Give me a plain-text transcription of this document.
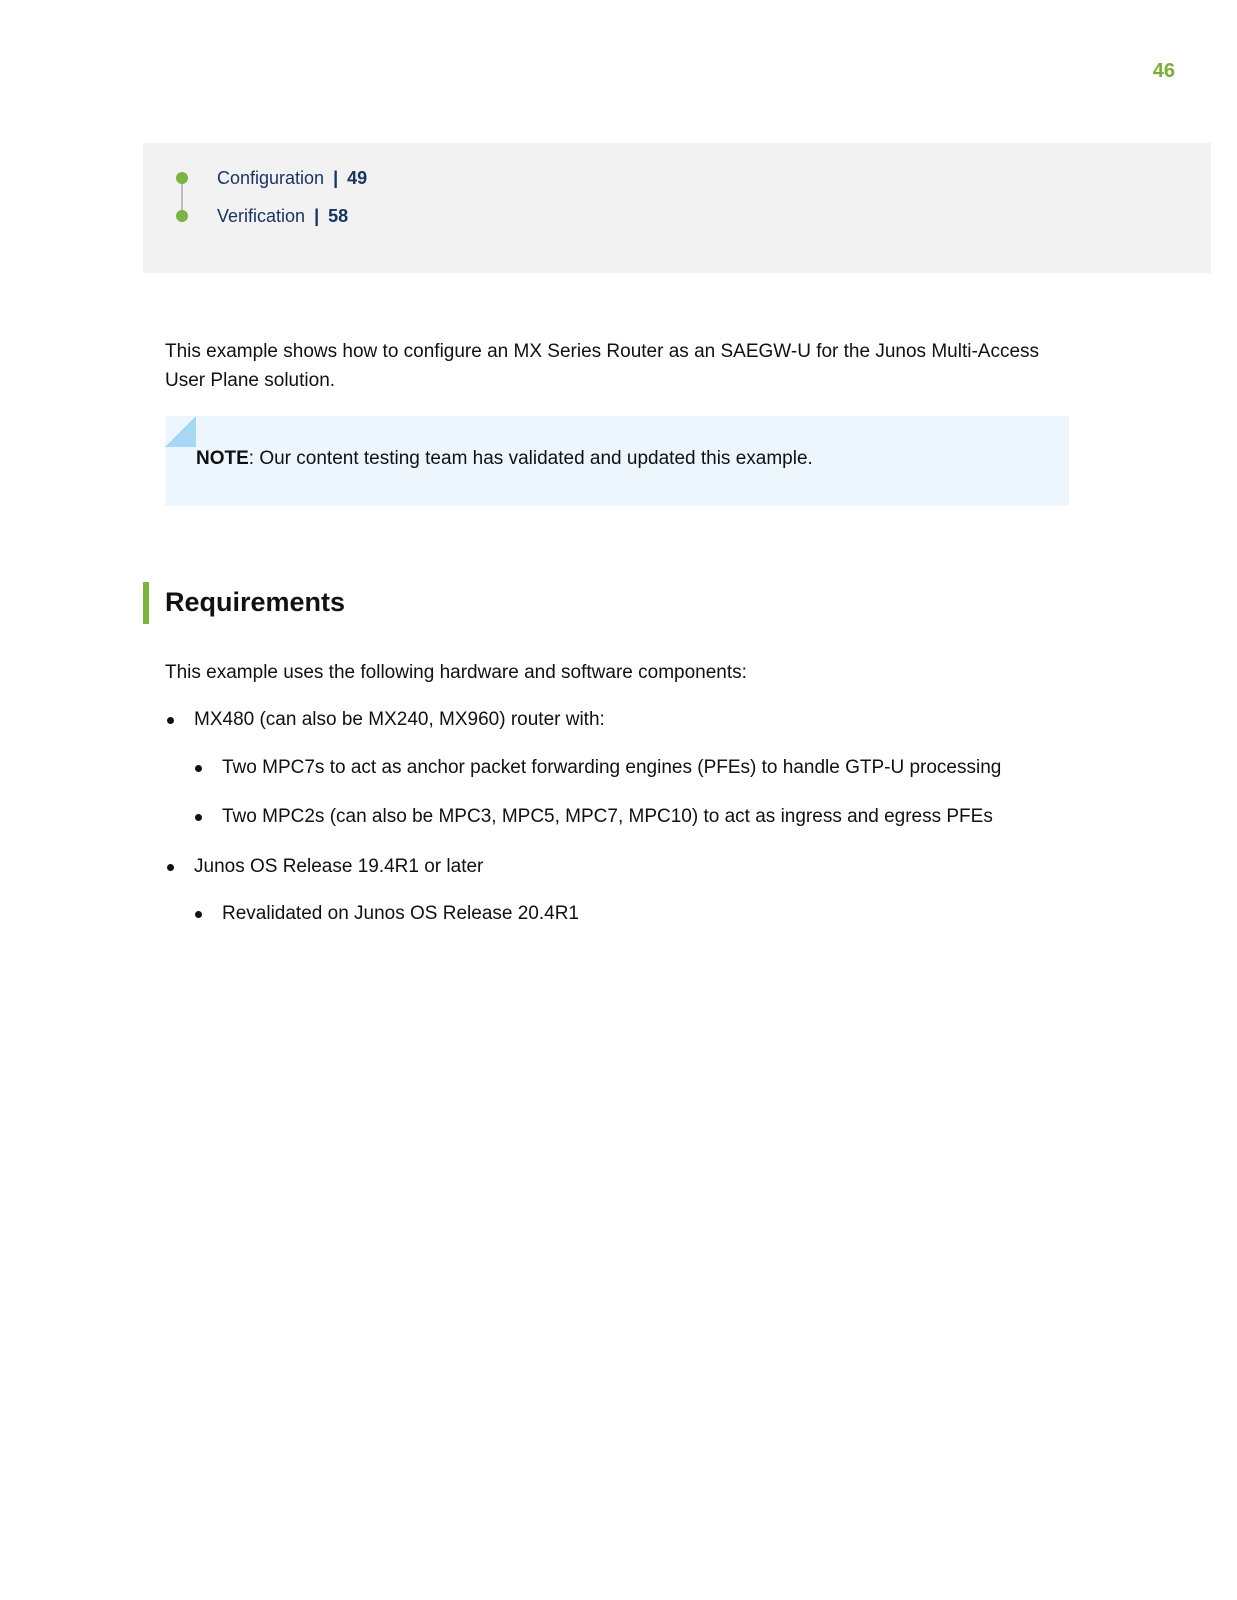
46
Configuration | 49
Verification | 58

This example shows how to configure an MX Series Router as an SAEGW-U for the Junos Multi-Access User Plane solution.

NOTE: Our content testing team has validated and updated this example.
Requirements

This example uses the following hardware and software components:

MX480 (can also be MX240, MX960) router with:
Two MPC7s to act as anchor packet forwarding engines (PFEs) to handle GTP-U processing
Two MPC2s (can also be MPC3, MPC5, MPC7, MPC10) to act as ingress and egress PFEs
Junos OS Release 19.4R1 or later
Revalidated on Junos OS Release 20.4R1
